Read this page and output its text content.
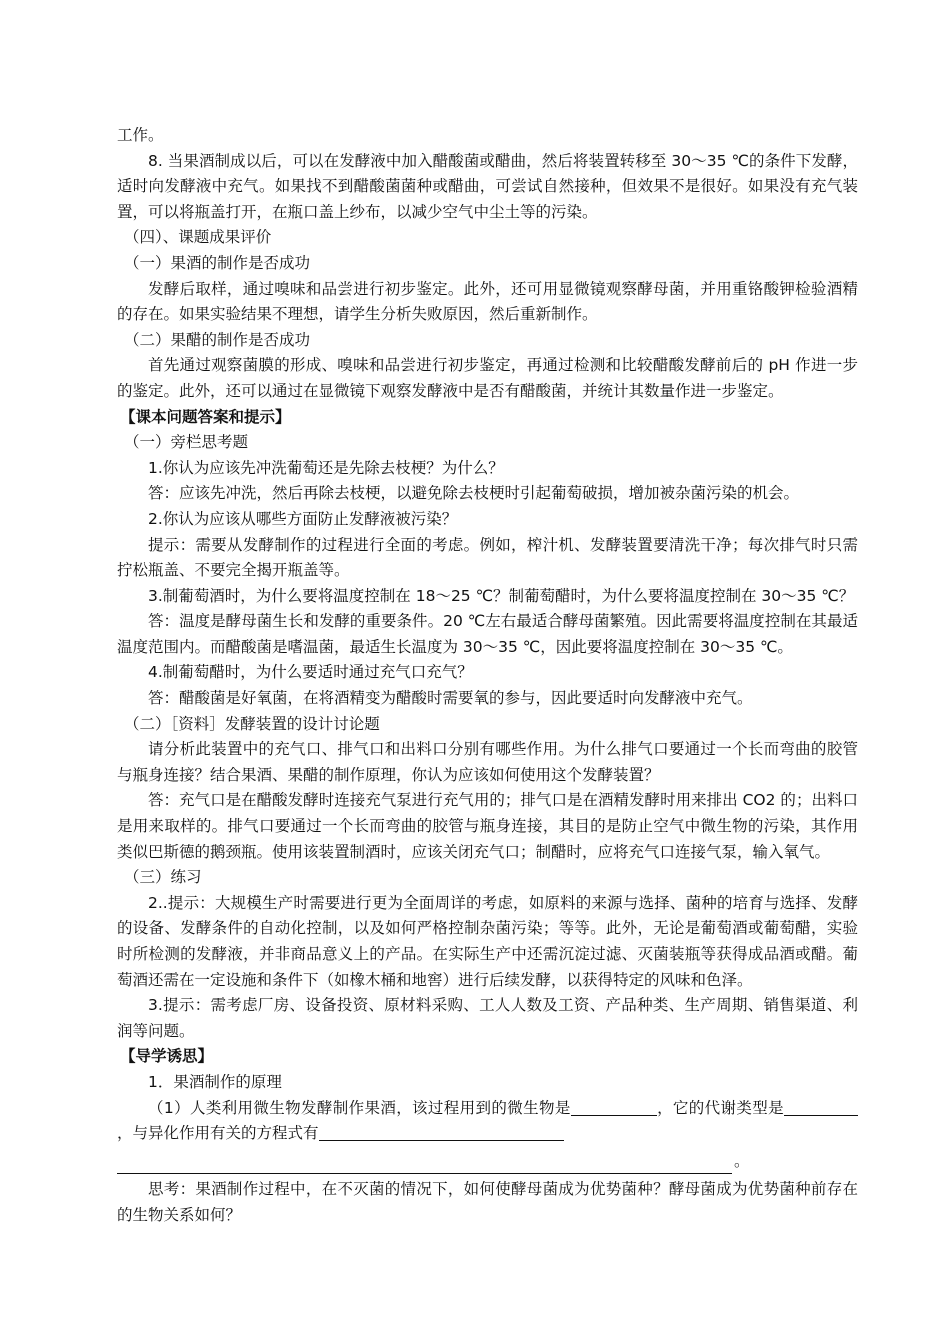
工作。

8. 当果酒制成以后，可以在发酵液中加入醋酸菌或醋曲，然后将装置转移至 30～35 ℃的条件下发酵，适时向发酵液中充气。如果找不到醋酸菌菌种或醋曲，可尝试自然接种，但效果不是很好。如果没有充气装置，可以将瓶盖打开，在瓶口盖上纱布，以减少空气中尘土等的污染。

（四）、课题成果评价

（一）果酒的制作是否成功

发酵后取样，通过嗅味和品尝进行初步鉴定。此外，还可用显微镜观察酵母菌，并用重铬酸钾检验酒精的存在。如果实验结果不理想，请学生分析失败原因，然后重新制作。

（二）果醋的制作是否成功

首先通过观察菌膜的形成、嗅味和品尝进行初步鉴定，再通过检测和比较醋酸发酵前后的 pH 作进一步的鉴定。此外，还可以通过在显微镜下观察发酵液中是否有醋酸菌，并统计其数量作进一步鉴定。

【课本问题答案和提示】

（一）旁栏思考题

1.你认为应该先冲洗葡萄还是先除去枝梗？为什么？

答：应该先冲洗，然后再除去枝梗，以避免除去枝梗时引起葡萄破损，增加被杂菌污染的机会。

2.你认为应该从哪些方面防止发酵液被污染？

提示：需要从发酵制作的过程进行全面的考虑。例如，榨汁机、发酵装置要清洗干净；每次排气时只需拧松瓶盖、不要完全揭开瓶盖等。

3.制葡萄酒时，为什么要将温度控制在 18～25 ℃？制葡萄醋时，为什么要将温度控制在 30～35 ℃？

答：温度是酵母菌生长和发酵的重要条件。20 ℃左右最适合酵母菌繁殖。因此需要将温度控制在其最适温度范围内。而醋酸菌是嗜温菌，最适生长温度为 30～35 ℃，因此要将温度控制在 30～35 ℃。

4.制葡萄醋时，为什么要适时通过充气口充气？

答：醋酸菌是好氧菌，在将酒精变为醋酸时需要氧的参与，因此要适时向发酵液中充气。

（二）［资料］发酵装置的设计讨论题

请分析此装置中的充气口、排气口和出料口分别有哪些作用。为什么排气口要通过一个长而弯曲的胶管与瓶身连接？结合果酒、果醋的制作原理，你认为应该如何使用这个发酵装置？

答：充气口是在醋酸发酵时连接充气泵进行充气用的；排气口是在酒精发酵时用来排出 CO2 的；出料口是用来取样的。排气口要通过一个长而弯曲的胶管与瓶身连接，其目的是防止空气中微生物的污染，其作用类似巴斯德的鹅颈瓶。使用该装置制酒时，应该关闭充气口；制醋时，应将充气口连接气泵，输入氧气。

（三）练习

2..提示：大规模生产时需要进行更为全面周详的考虑，如原料的来源与选择、菌种的培育与选择、发酵的设备、发酵条件的自动化控制，以及如何严格控制杂菌污染；等等。此外，无论是葡萄酒或葡萄醋，实验时所检测的发酵液，并非商品意义上的产品。在实际生产中还需沉淀过滤、灭菌装瓶等获得成品酒或醋。葡萄酒还需在一定设施和条件下（如橡木桶和地窖）进行后续发酵，以获得特定的风味和色泽。

3.提示：需考虑厂房、设备投资、原材料采购、工人人数及工资、产品种类、生产周期、销售渠道、利润等问题。

【导学诱思】

1．果酒制作的原理

（1）人类利用微生物发酵制作果酒，该过程用到的微生物是	，它的代谢类型是，与异化作用有关的方程式有

。

思考：果酒制作过程中，在不灭菌的情况下，如何使酵母菌成为优势菌种？酵母菌成为优势菌种前存在的生物关系如何？
